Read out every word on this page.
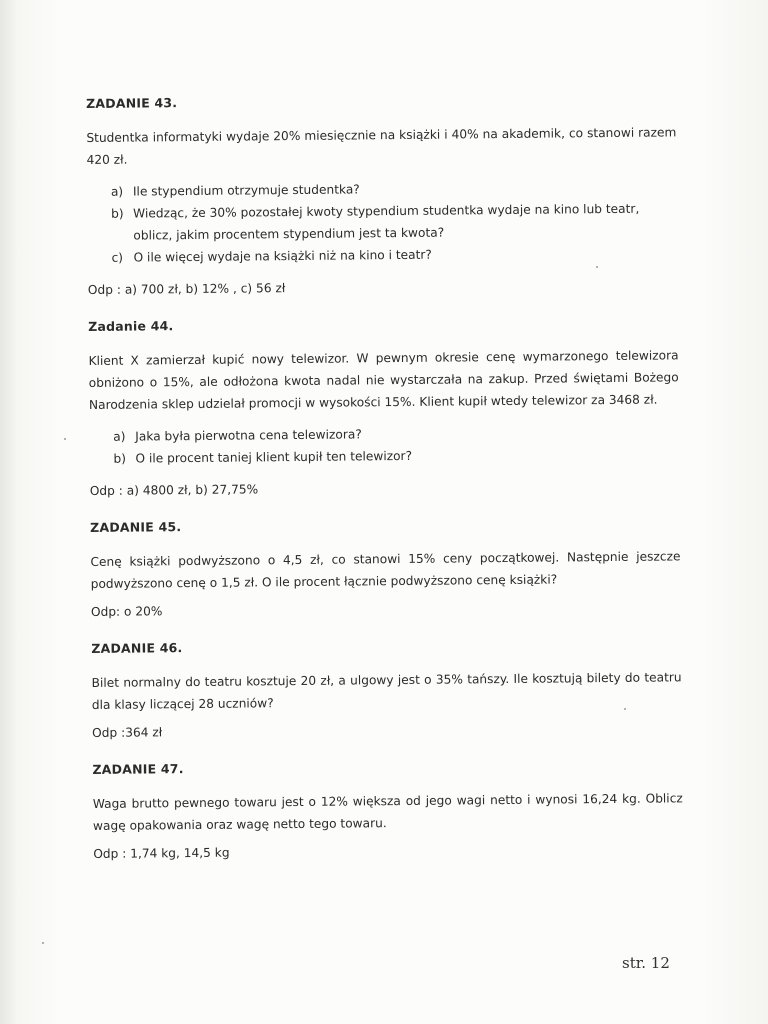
ZADANIE 43.

Studentka informatyki wydaje 20% miesięcznie na książki i 40% na akademik, co stanowi razem 420 zł.

a) Ile stypendium otrzymuje studentka?
b) Wiedząc, że 30% pozostałej kwoty stypendium studentka wydaje na kino lub teatr, oblicz, jakim procentem stypendium jest ta kwota?
c) O ile więcej wydaje na książki niż na kino i teatr?
Odp : a) 700 zł, b) 12% , c) 56 zł
Zadanie 44.

Klient X zamierzał kupić nowy telewizor. W pewnym okresie cenę wymarzonego telewizora obniżono o 15%, ale odłożona kwota nadal nie wystarczała na zakup. Przed świętami Bożego Narodzenia sklep udzielał promocji w wysokości 15%. Klient kupił wtedy telewizor za 3468 zł.

a) Jaka była pierwotna cena telewizora?
b) O ile procent taniej klient kupił ten telewizor?
Odp : a) 4800 zł, b) 27,75%
ZADANIE 45.

Cenę książki podwyższono o 4,5 zł, co stanowi 15% ceny początkowej. Następnie jeszcze podwyższono cenę o 1,5 zł. O ile procent łącznie podwyższono cenę książki?

Odp: o 20%
ZADANIE 46.

Bilet normalny do teatru kosztuje 20 zł, a ulgowy jest o 35% tańszy. Ile kosztują bilety do teatru dla klasy liczącej 28 uczniów?

Odp :364 zł
ZADANIE 47.

Waga brutto pewnego towaru jest o 12% większa od jego wagi netto i wynosi 16,24 kg. Oblicz wagę opakowania oraz wagę netto tego towaru.

Odp : 1,74 kg, 14,5 kg
str. 12
